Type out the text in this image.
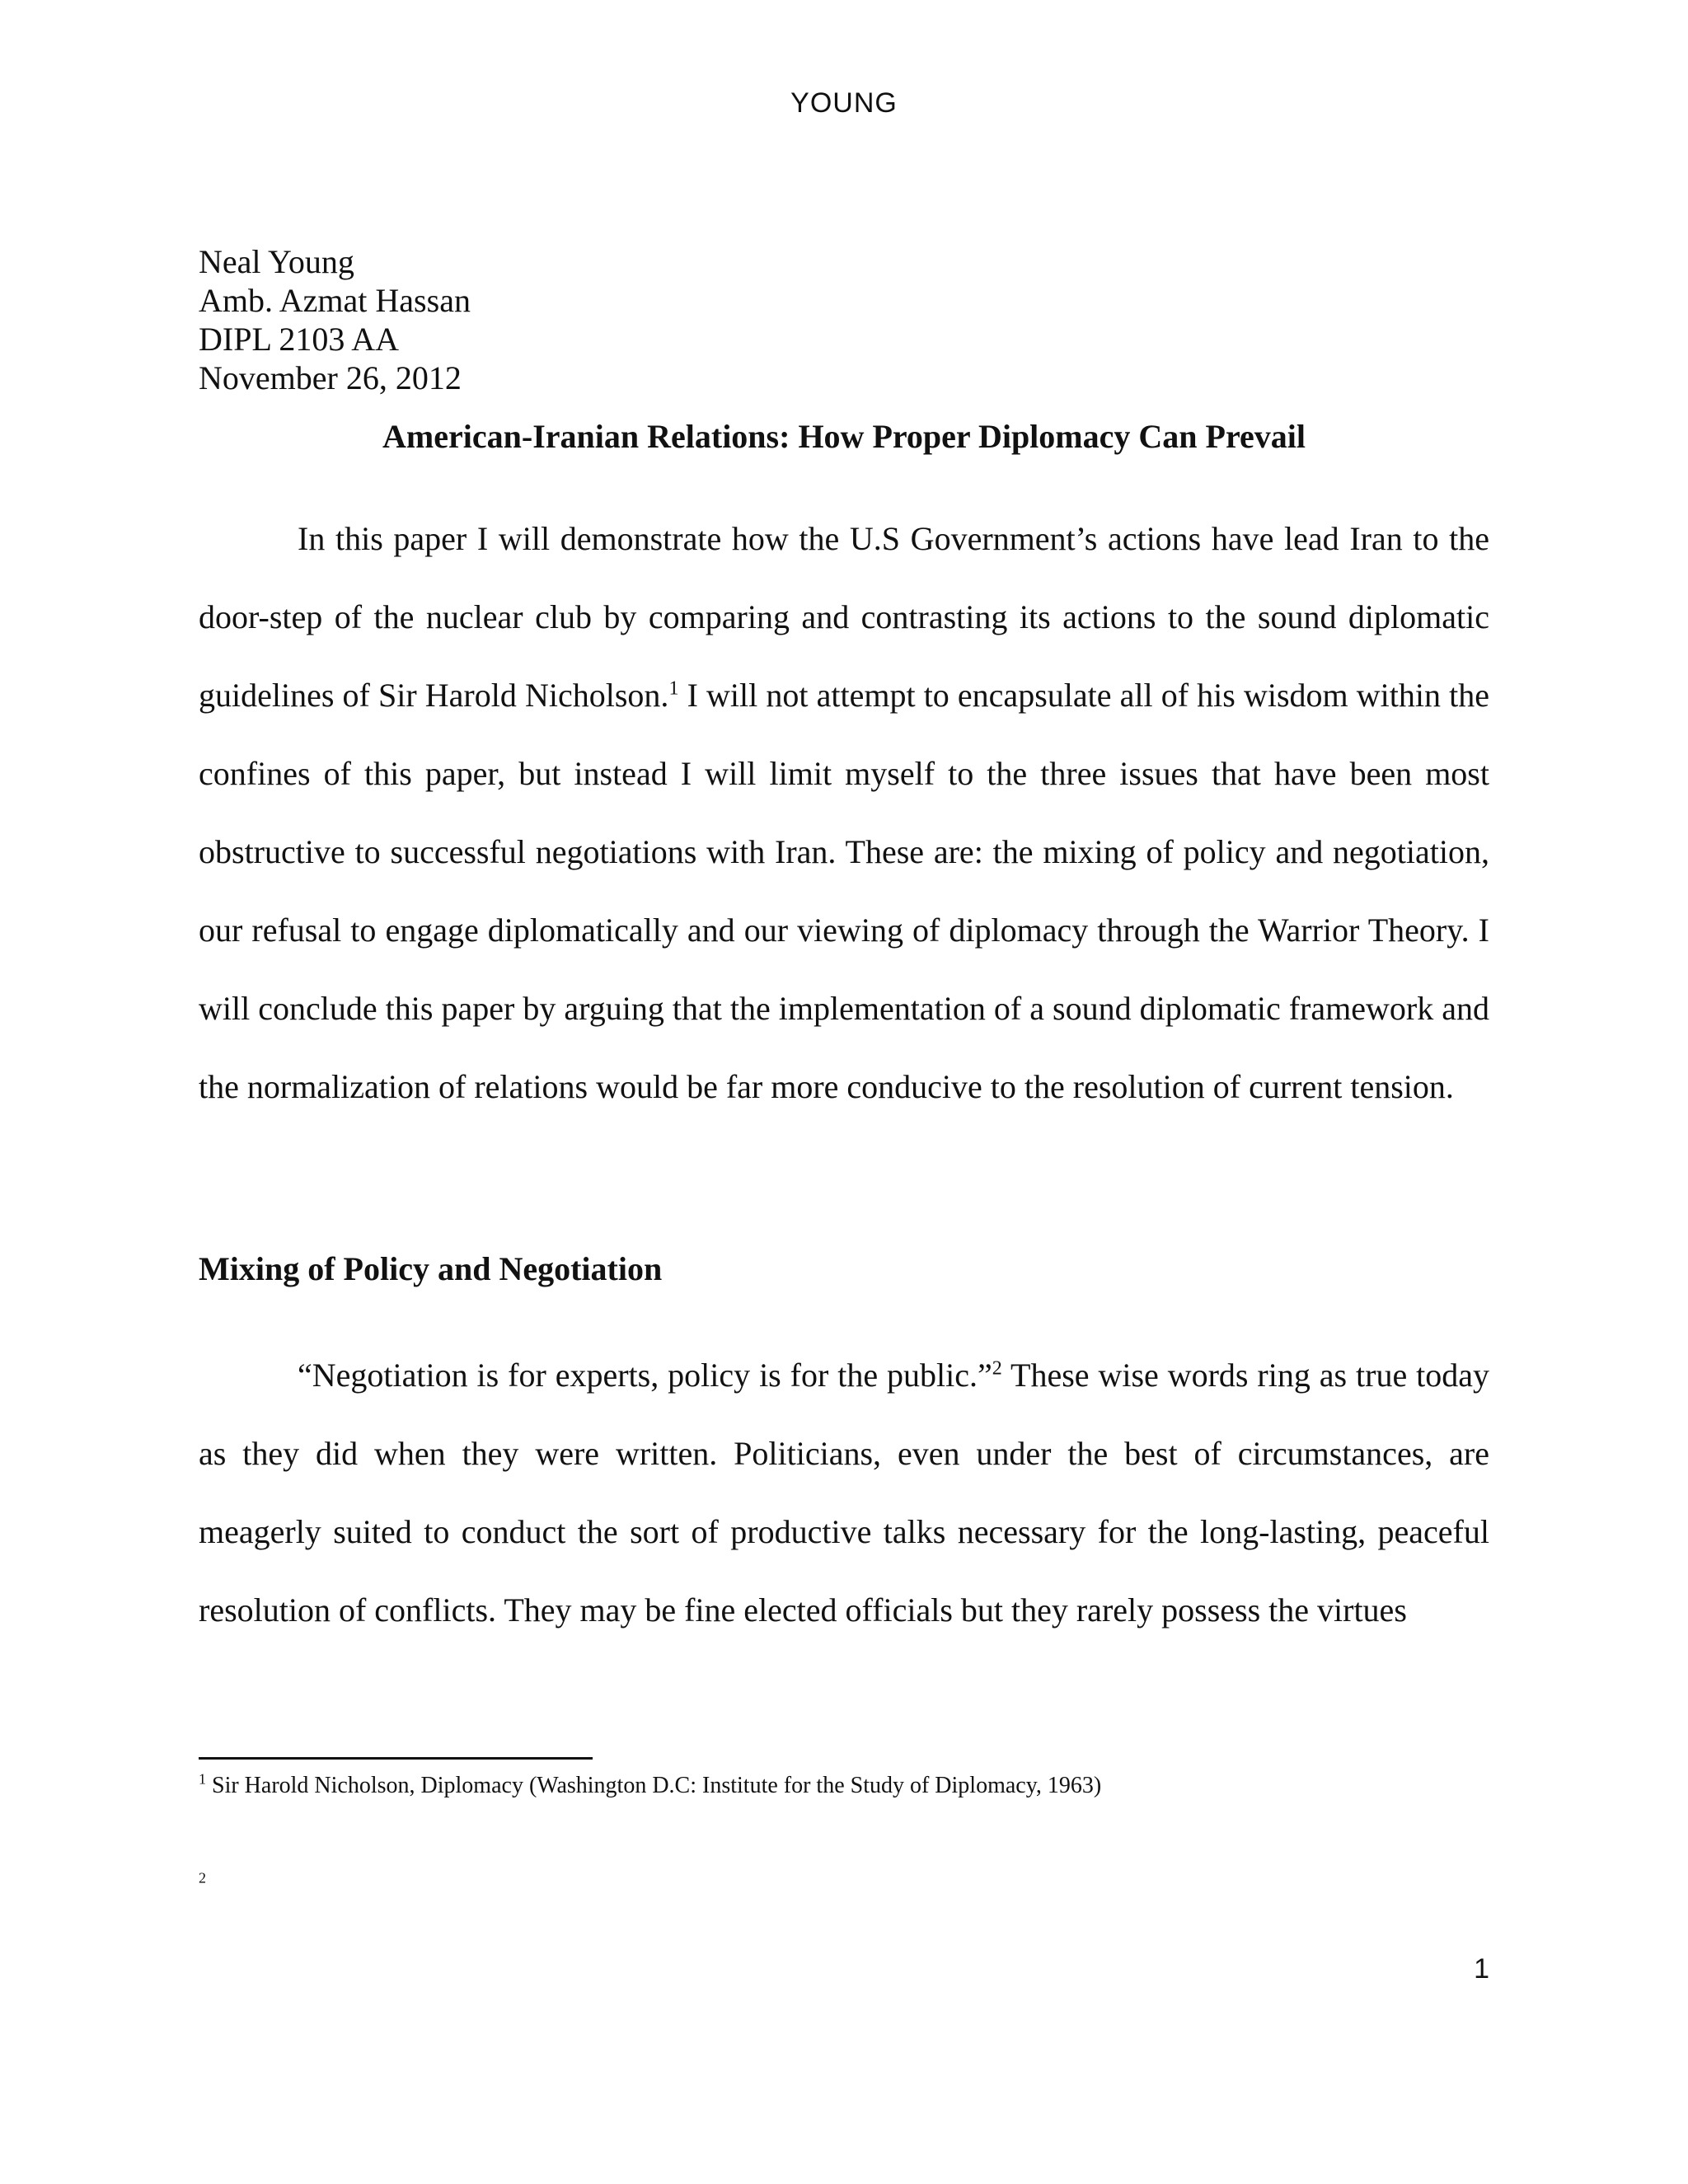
YOUNG
Neal Young
Amb. Azmat Hassan
DIPL 2103 AA
November 26, 2012
American-Iranian Relations: How Proper Diplomacy Can Prevail

In this paper I will demonstrate how the U.S Government’s actions have lead Iran to the door-step of the nuclear club by comparing and contrasting its actions to the sound diplomatic guidelines of Sir Harold Nicholson.$^1$ I will not attempt to encapsulate all of his wisdom within the confines of this paper, but instead I will limit myself to the three issues that have been most obstructive to successful negotiations with Iran. These are: the mixing of policy and negotiation, our refusal to engage diplomatically and our viewing of diplomacy through the Warrior Theory. I will conclude this paper by arguing that the implementation of a sound diplomatic framework and the normalization of relations would be far more conducive to the resolution of current tension.

Mixing of Policy and Negotiation

“Negotiation is for experts, policy is for the public.”$^2$ These wise words ring as true today as they did when they were written. Politicians, even under the best of circumstances, are meagerly suited to conduct the sort of productive talks necessary for the long-lasting, peaceful resolution of conflicts. They may be fine elected officials but they rarely possess the virtues

$^1$ Sir Harold Nicholson, Diplomacy (Washington D.C: Institute for the Study of Diplomacy, 1963)
$^2$
1
